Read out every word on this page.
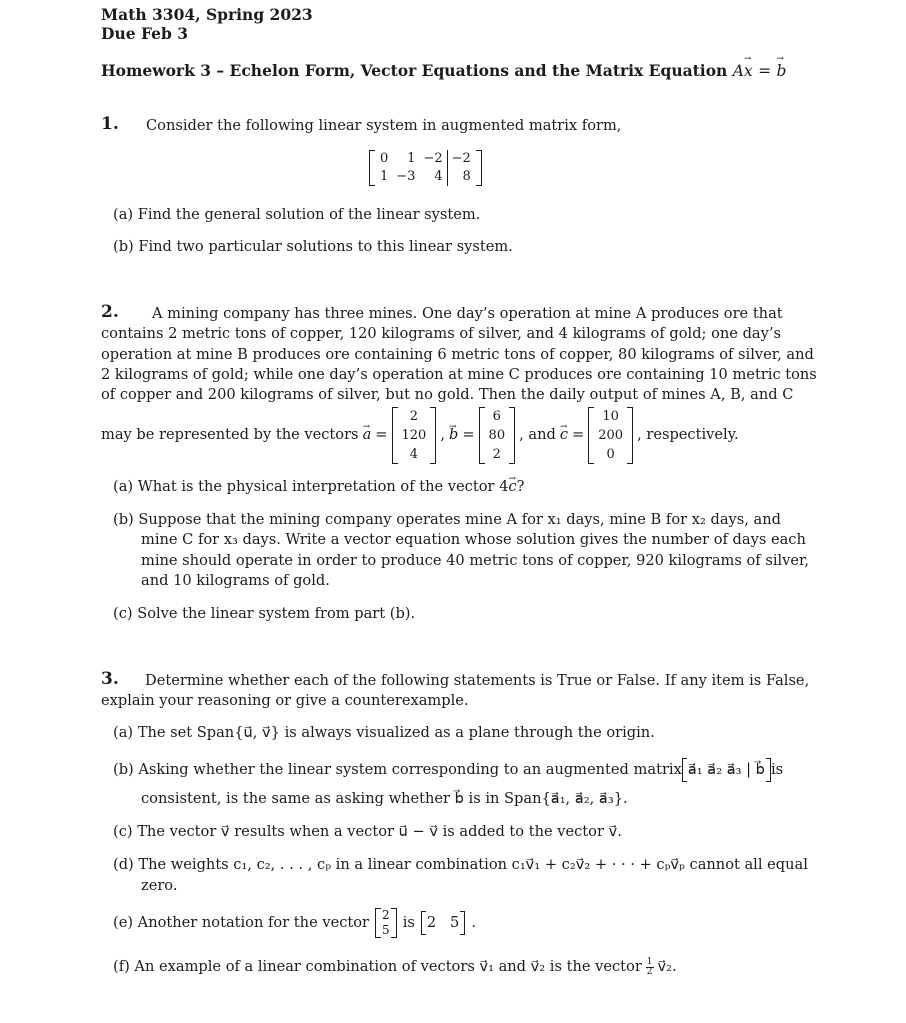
Math 3304, Spring 2023
Due Feb 3
Homework 3 – Echelon Form, Vector Equations and the Matrix Equation A→ x = → b
1. Consider the following linear system in augmented matrix form,
0	1	−2	−2
1	−3	4	8
(a) Find the general solution of the linear system.
(b) Find two particular solutions to this linear system.
2. A mining company has three mines. One day’s operation at mine A produces ore that
contains 2 metric tons of copper, 120 kilograms of silver, and 4 kilograms of gold; one day’s
operation at mine B produces ore containing 6 metric tons of copper, 80 kilograms of silver, and
2 kilograms of gold; while one day’s operation at mine C produces ore containing 10 metric tons
of copper and 200 kilograms of silver, but no gold. Then the daily output of mines A, B, and C
may be represented by the vectors → a =
2
120
4
, → b =
6
80
2
, and → c =
10
200
0
, respectively.
(a) What is the physical interpretation of the vector 4→ c?
(b) Suppose that the mining company operates mine A for x₁ days, mine B for x₂ days, and
mine C for x₃ days. Write a vector equation whose solution gives the number of days each
mine should operate in order to produce 40 metric tons of copper, 920 kilograms of silver,
and 10 kilograms of gold.
(c) Solve the linear system from part (b).
3. Determine whether each of the following statements is True or False. If any item is False,
explain your reasoning or give a counterexample.
(a) The set Span{u⃗, v⃗} is always visualized as a plane through the origin.
(b) Asking whether the linear system corresponding to an augmented matrix a⃗₁ a⃗₂ a⃗₃ | b⃗ is
consistent, is the same as asking whether b⃗ is in Span{a⃗₁, a⃗₂, a⃗₃}.
(c) The vector v⃗ results when a vector u⃗ − v⃗ is added to the vector v⃗.
(d) The weights c₁, c₂, . . . , cₚ in a linear combination c₁v⃗₁ + c₂v⃗₂ + · · · + cₚv⃗ₚ cannot all equal
zero.
(e) Another notation for the vector 2
5 is 2   5 .
(f) An example of a linear combination of vectors v⃗₁ and v⃗₂ is the vector 1
2 v⃗₂.
